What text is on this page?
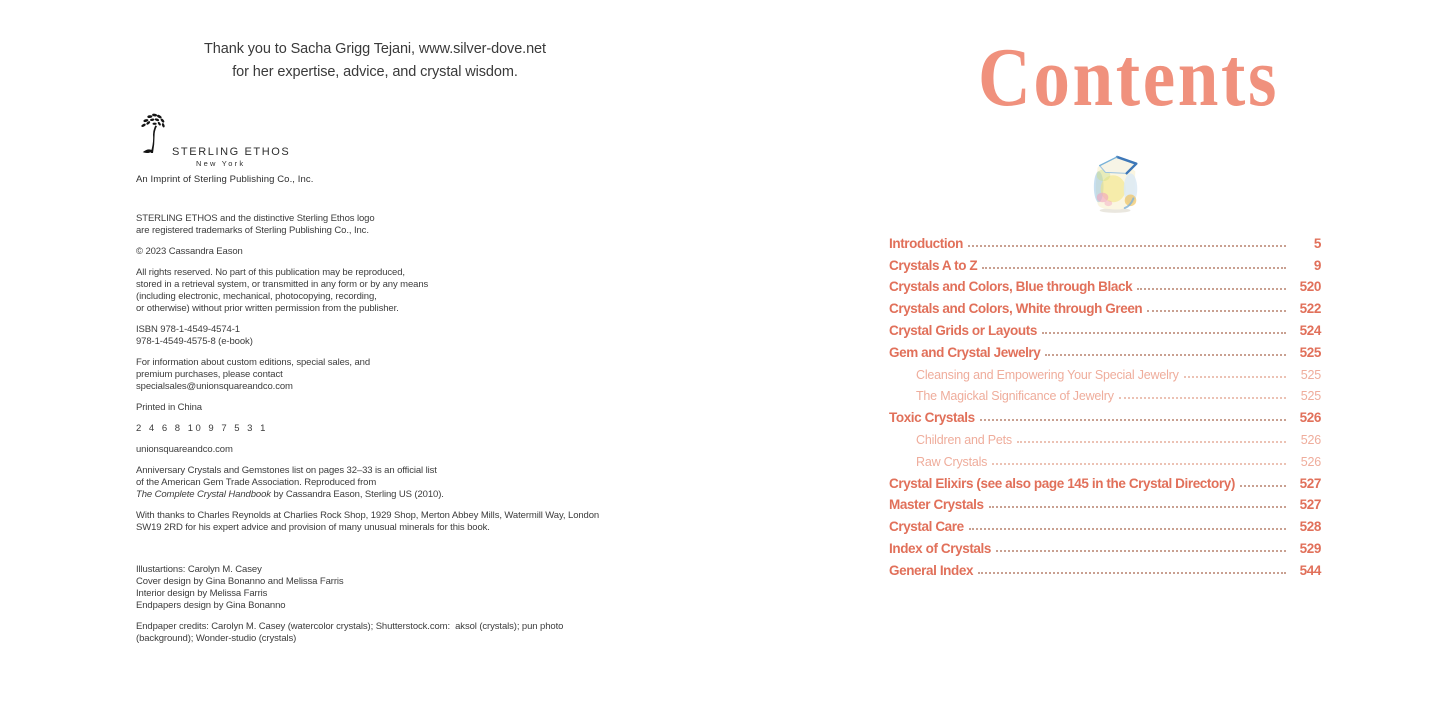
Thank you to Sacha Grigg Tejani, www.silver-dove.net
for her expertise, advice, and crystal wisdom.
STERLING ETHOS
New York
An Imprint of Sterling Publishing Co., Inc.

STERLING ETHOS and the distinctive Sterling Ethos logo
are registered trademarks of Sterling Publishing Co., Inc.

© 2023 Cassandra Eason

All rights reserved. No part of this publication may be reproduced,
stored in a retrieval system, or transmitted in any form or by any means
(including electronic, mechanical, photocopying, recording,
or otherwise) without prior written permission from the publisher.

ISBN 978-1-4549-4574-1
978-1-4549-4575-8 (e-book)

For information about custom editions, special sales, and
premium purchases, please contact
specialsales@unionsquareandco.com

Printed in China

2 4 6 8 10 9 7 5 3 1

unionsquareandco.com

Anniversary Crystals and Gemstones list on pages 32–33 is an official list
of the American Gem Trade Association. Reproduced from
The Complete Crystal Handbook by Cassandra Eason, Sterling US (2010).

With thanks to Charles Reynolds at Charlies Rock Shop, 1929 Shop, Merton Abbey Mills, Watermill Way, London
SW19 2RD for his expert advice and provision of many unusual minerals for this book.

Illustartions: Carolyn M. Casey
Cover design by Gina Bonanno and Melissa Farris
Interior design by Melissa Farris
Endpapers design by Gina Bonanno

Endpaper credits: Carolyn M. Casey (watercolor crystals); Shutterstock.com:  aksol (crystals); pun photo
(background); Wonder-studio (crystals)

Contents
Introduction	5
Crystals A to Z	9
Crystals and Colors, Blue through Black	520
Crystals and Colors, White through Green	522
Crystal Grids or Layouts	524
Gem and Crystal Jewelry	525
Cleansing and Empowering Your Special Jewelry	525
The Magickal Significance of Jewelry	525
Toxic Crystals	526
Children and Pets	526
Raw Crystals	526
Crystal Elixirs (see also page 145 in the Crystal Directory)	527
Master Crystals	527
Crystal Care	528
Index of Crystals	529
General Index	544
